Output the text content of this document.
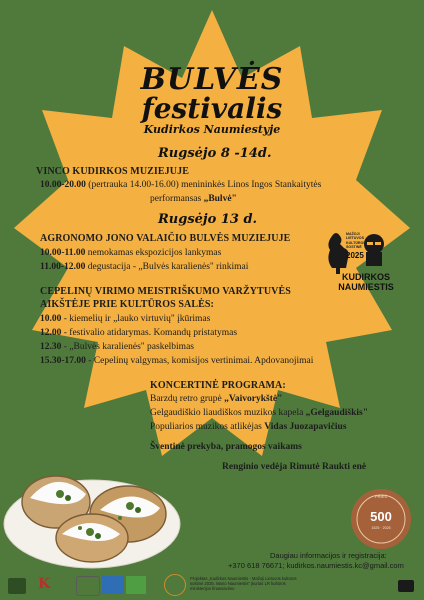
BULVĖS
festivalis
Kudirkos Naumiestyje
Rugsėjo 8 -14d.
VINCO KUDIRKOS MUZIEJUJE
10.00-20.00 (pertrauka 14.00-16.00) menininkės Linos Ingos Stankaitytės
performansas „Bulvė"
Rugsėjo 13 d.
AGRONOMO JONO VALAIČIO BULVĖS MUZIEJUJE
10.00-11.00 nemokamas ekspozicijos lankymas
11.00-12.00 degustacija - „Bulvės karalienės" rinkimai
MAŽOJI
LIETUVOS
KULTŪROS
SOSTINĖ
2025
KUDIRKOS
NAUMIESTIS
CEPELINŲ VIRIMO MEISTRIŠKUMO VARŽYTUVĖS
AIKŠTĖJE PRIE KULTŪROS SALĖS:
10.00 - kiemelių ir „lauko virtuvių" įkūrimas
12.00 - festivalio atidarymas. Komandų pristatymas
12.30 - „Bulvės karalienės" paskelbimas
15.30-17.00 - Cepelinų valgymas, komisijos vertinimai. Apdovanojimai
KONCERTINĖ PROGRAMA:
Barzdų retro grupė „Vaivorykštė"
Gelgaudiškio liaudiškos muzikos kapela „Gelgaudiškis"
Populiarios muzikos atlikėjas Vidas Juozapavičius
Šventinė prekyba, pramogos vaikams
Renginio vedėja Rimutė Raukti enė
PRIEŠ
500
1525 · 2025
Daugiau informacijos ir registracija:
+370 618 76671; kudirkos.naumiestis.kc@gmail.com
K	Projektas „Kudirkos Naumiestis - Mažoji Lietuvos kultūros sostinė 2025. Mano Naumiestis" įkurtas LR kultūros ministerijos finansavimu
